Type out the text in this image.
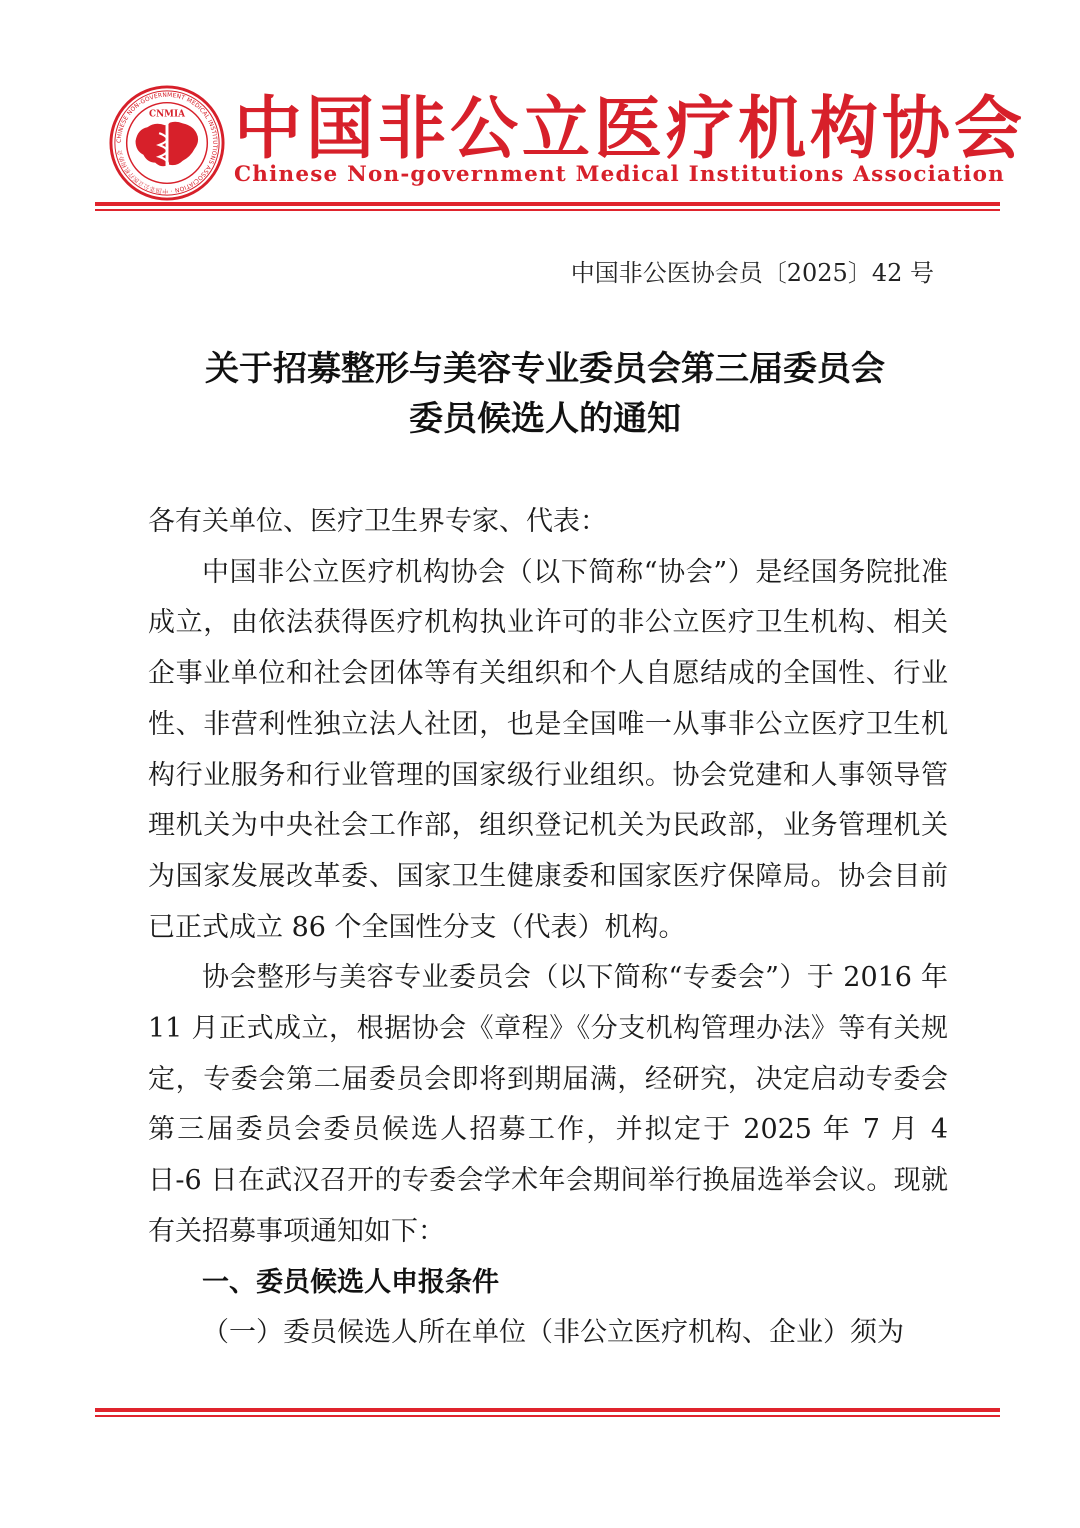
CHINESE NON-GOVERNMENT MEDICAL INSTITUTIONS ASSOCIATION · 中国非公立医疗机构协会
CNMIA 中国非公立医疗机构协会
Chinese Non-government Medical Institutions Association
中国非公医协会员〔2025〕42 号
关于招募整形与美容专业委员会第三届委员会
委员候选人的通知

各有关单位、医疗卫生界专家、代表：

中国非公立医疗机构协会（以下简称“协会”）是经国务院批准成立，由依法获得医疗机构执业许可的非公立医疗卫生机构、相关企事业单位和社会团体等有关组织和个人自愿结成的全国性、行业性、非营利性独立法人社团，也是全国唯一从事非公立医疗卫生机构行业服务和行业管理的国家级行业组织。协会党建和人事领导管理机关为中央社会工作部，组织登记机关为民政部，业务管理机关为国家发展改革委、国家卫生健康委和国家医疗保障局。协会目前已正式成立 86 个全国性分支（代表）机构。

协会整形与美容专业委员会（以下简称“专委会”）于 2016 年 11 月正式成立，根据协会《章程》《分支机构管理办法》等有关规定，专委会第二届委员会即将到期届满，经研究，决定启动专委会第三届委员会委员候选人招募工作，并拟定于 2025 年 7 月 4 日-6 日在武汉召开的专委会学术年会期间举行换届选举会议。现就有关招募事项通知如下：

一、委员候选人申报条件

（一）委员候选人所在单位（非公立医疗机构、企业）须为
